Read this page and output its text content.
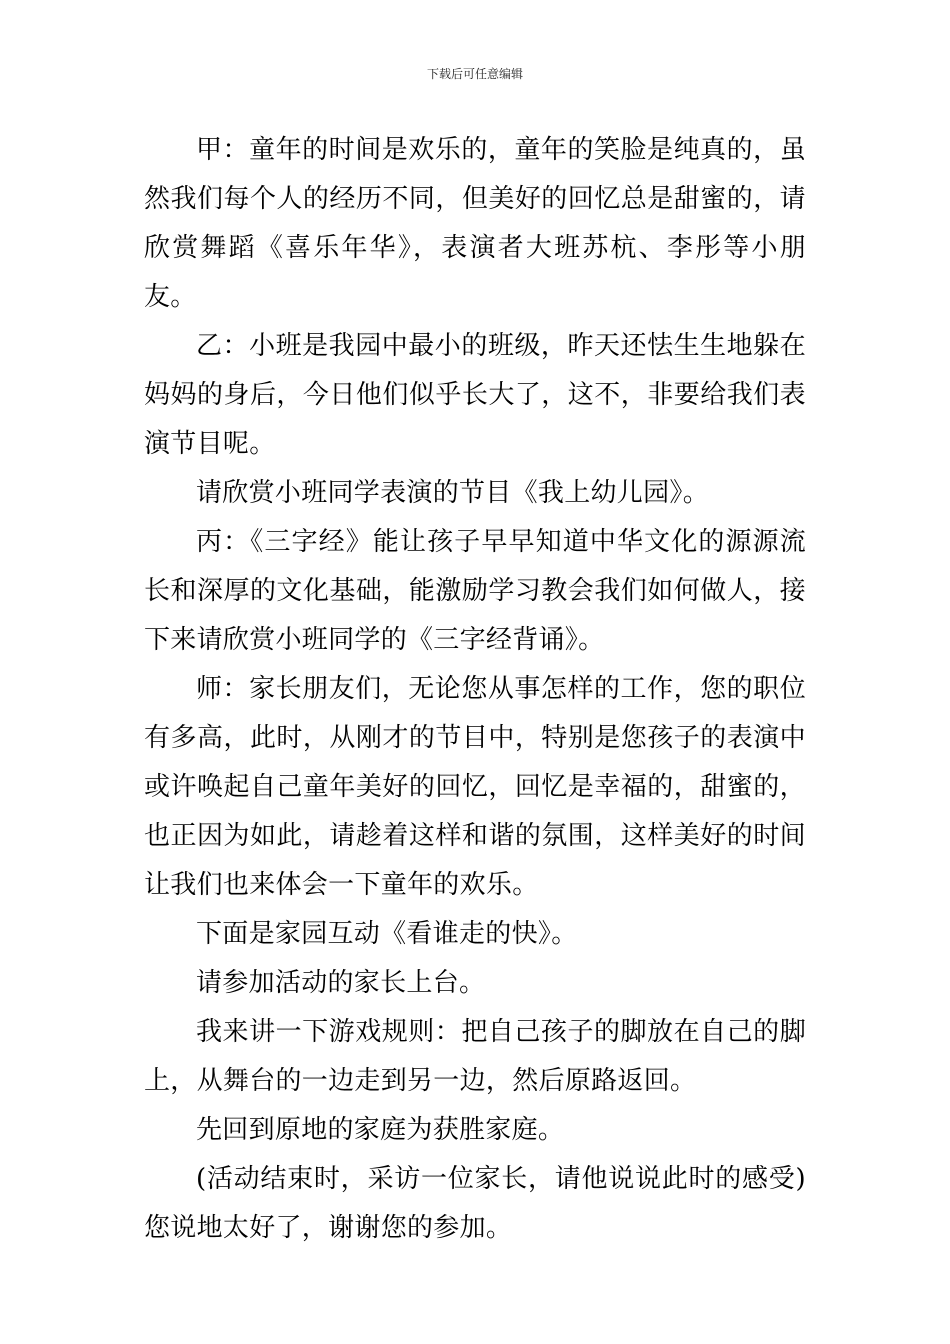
下载后可任意编辑

甲：童年的时间是欢乐的，童年的笑脸是纯真的，虽然我们每个人的经历不同，但美好的回忆总是甜蜜的，请欣赏舞蹈《喜乐年华》，表演者大班苏杭、李彤等小朋友。

乙：小班是我园中最小的班级，昨天还怯生生地躲在妈妈的身后，今日他们似乎长大了，这不，非要给我们表演节目呢。

请欣赏小班同学表演的节目《我上幼儿园》。

丙：《三字经》能让孩子早早知道中华文化的源源流长和深厚的文化基础，能激励学习教会我们如何做人，接下来请欣赏小班同学的《三字经背诵》。

师：家长朋友们，无论您从事怎样的工作，您的职位有多高，此时，从刚才的节目中，特别是您孩子的表演中或许唤起自己童年美好的回忆，回忆是幸福的，甜蜜的，也正因为如此，请趁着这样和谐的氛围，这样美好的时间让我们也来体会一下童年的欢乐。

下面是家园互动《看谁走的快》。

请参加活动的家长上台。

我来讲一下游戏规则：把自己孩子的脚放在自己的脚上，从舞台的一边走到另一边，然后原路返回。

先回到原地的家庭为获胜家庭。

(活动结束时，采访一位家长，请他说说此时的感受)您说地太好了，谢谢您的参加。
